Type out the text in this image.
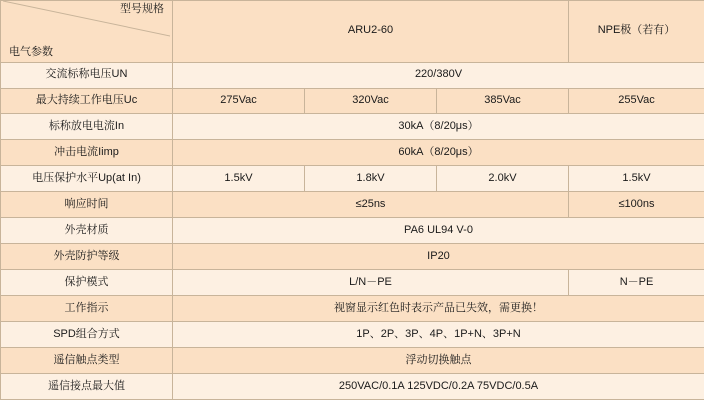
型号规格
电气参数	ARU2-60			NPE极（若有）
交流标称电压UN	220/380V			
最大持续工作电压Uc	275Vac	320Vac	385Vac	255Vac
标称放电电流In	30kA（8/20μs）			
冲击电流Iimp	60kA（8/20μs）			
电压保护水平Up(at In)	1.5kV	1.8kV	2.0kV	1.5kV
响应时间	≤25ns			≤100ns
外壳材质	PA6 UL94 V-0			
外壳防护等级	IP20			
保护模式	L/N－PE			N－PE
工作指示	视窗显示红色时表示产品已失效，需更换！			
SPD组合方式	1P、2P、3P、4P、1P+N、3P+N			
遥信触点类型	浮动切换触点			
遥信接点最大值	250VAC/0.1A 125VDC/0.2A 75VDC/0.5A			
